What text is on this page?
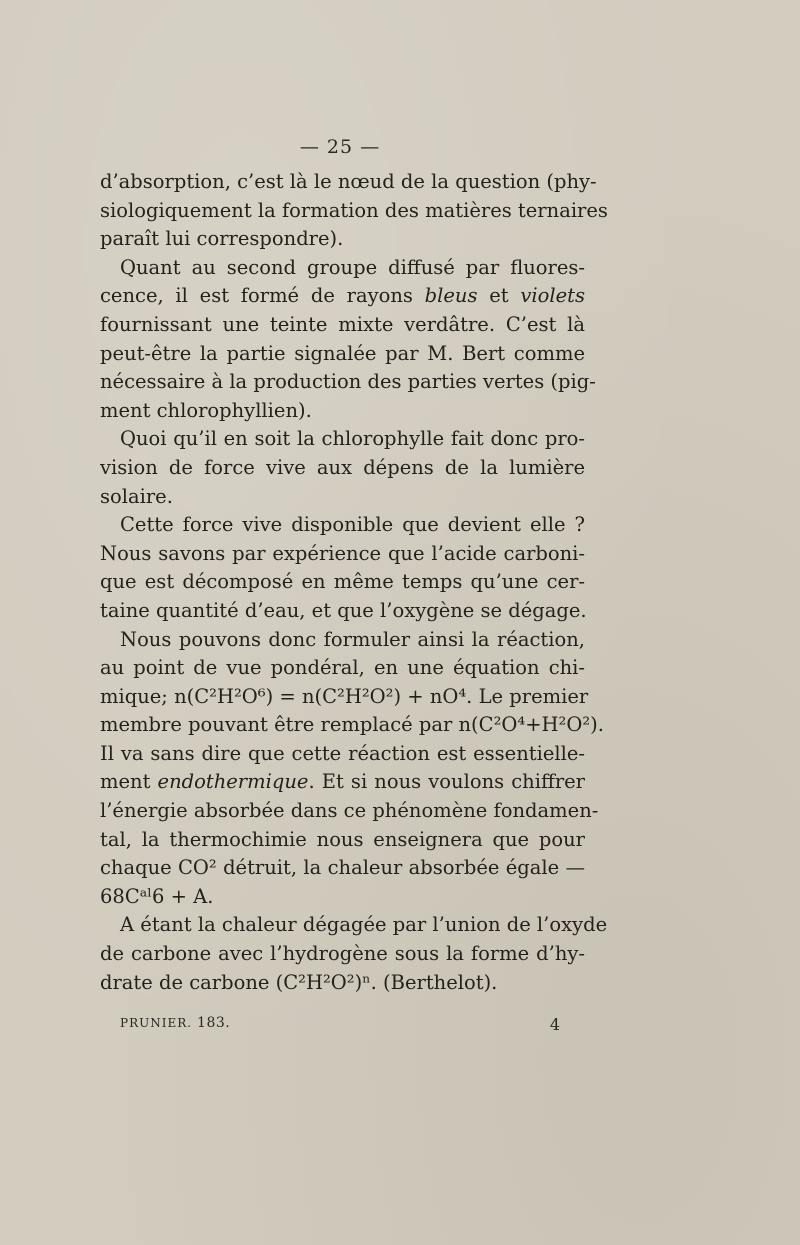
— 25 —
d’absorption, c’est là le nœud de la question (phy-
siologiquement la formation des matières ternaires
paraît lui correspondre).
Quant au second groupe diffusé par fluores-
cence, il est formé de rayons bleus et violets
fournissant une teinte mixte verdâtre. C’est là
peut-être la partie signalée par M. Bert comme
nécessaire à la production des parties vertes (pig-
ment chlorophyllien).
Quoi qu’il en soit la chlorophylle fait donc pro-
vision de force vive aux dépens de la lumière
solaire.
Cette force vive disponible que devient elle ?
Nous savons par expérience que l’acide carboni-
que est décomposé en même temps qu’une cer-
taine quantité d’eau, et que l’oxygène se dégage.
Nous pouvons donc formuler ainsi la réaction,
au point de vue pondéral, en une équation chi-
mique; n(C²H²O⁶) = n(C²H²O²) + nO⁴. Le premier
membre pouvant être remplacé par n(C²O⁴+H²O²).
Il va sans dire que cette réaction est essentielle-
ment endothermique. Et si nous voulons chiffrer
l’énergie absorbée dans ce phénomène fondamen-
tal, la thermochimie nous enseignera que pour
chaque CO² détruit, la chaleur absorbée égale —
68Cᵃˡ6 + A.
A étant la chaleur dégagée par l’union de l’oxyde
de carbone avec l’hydrogène sous la forme d’hy-
drate de carbone (C²H²O²)ⁿ. (Berthelot).
PRUNIER. 183.	4
